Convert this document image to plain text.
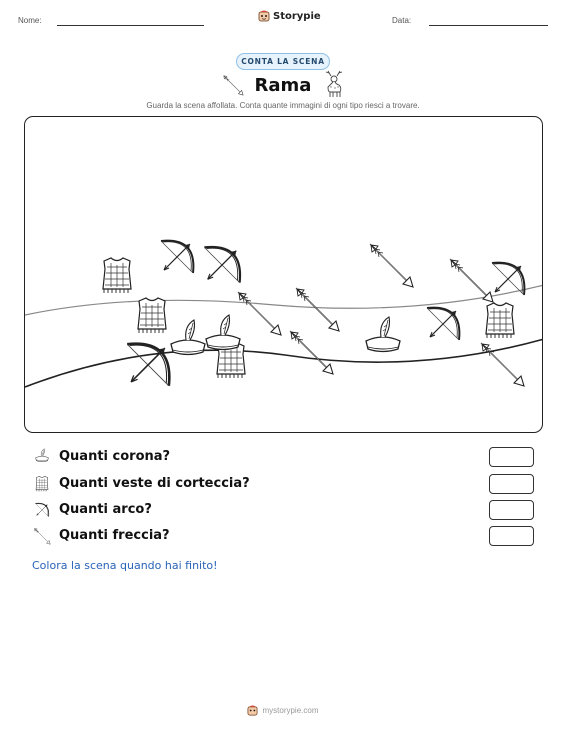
Nome:	Storypie	Data:
CONTA LA SCENA
Rama
Guarda la scena affollata. Conta quante immagini di ogni tipo riesci a trovare.
Quanti corona?
Quanti veste di corteccia?
Quanti arco?
Quanti freccia?
Colora la scena quando hai finito!
mystorypie.com
